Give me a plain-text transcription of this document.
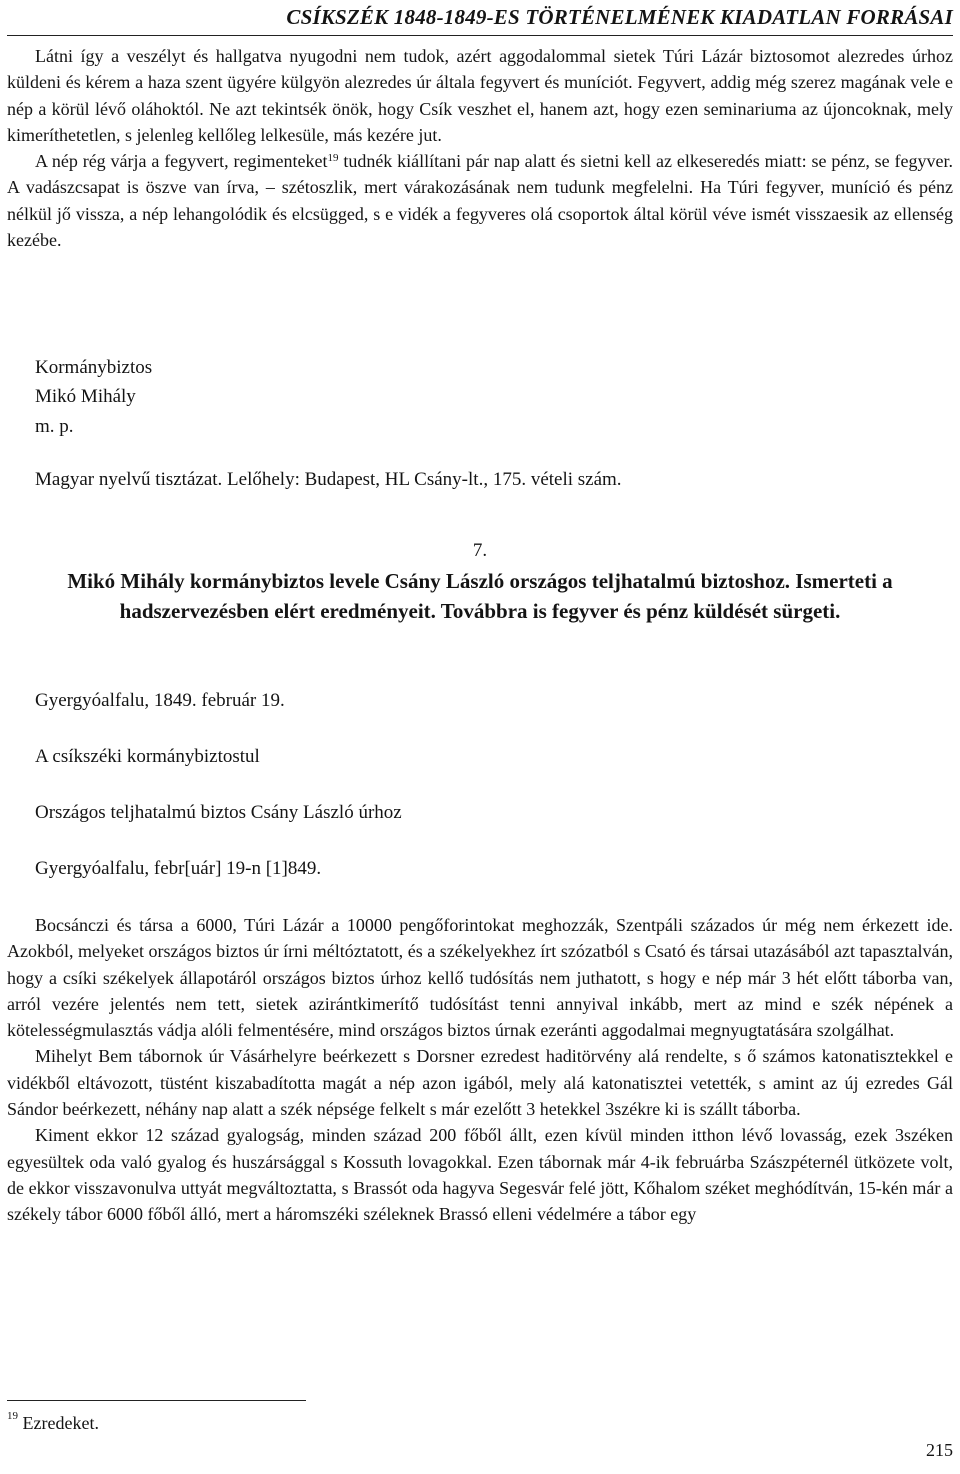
CSÍKSZÉK 1848-1849-ES TÖRTÉNELMÉNEK KIADATLAN FORRÁSAI

Látni így a veszélyt és hallgatva nyugodni nem tudok, azért aggodalommal sietek Túri Lázár biztosomot alezredes úrhoz küldeni és kérem a haza szent ügyére külgyön alezredes úr általa fegyvert és muníciót. Fegyvert, addig még szerez magának vele e nép a körül lévő oláhoktól. Ne azt tekintsék önök, hogy Csík veszhet el, hanem azt, hogy ezen seminariuma az újoncoknak, mely kimeríthetetlen, s jelenleg kellőleg lelkesüle, más kezére jut.

A nép rég várja a fegyvert, regimenteket$^{19}$ tudnék kiállítani pár nap alatt és sietni kell az elkeseredés miatt: se pénz, se fegyver. A vadászcsapat is öszve van írva, – szétoszlik, mert várakozásának nem tudunk megfelelni. Ha Túri fegyver, muníció és pénz nélkül jő vissza, a nép lehangolódik és elcsügged, s e vidék a fegyveres olá csoportok által körül véve ismét visszaesik az ellenség kezébe.

Kormánybiztos
Mikó Mihály
m. p.
Magyar nyelvű tisztázat. Lelőhely: Budapest, HL Csány-lt., 175. vételi szám.
7.
Mikó Mihály kormánybiztos levele Csány László országos teljhatalmú biztoshoz. Ismerteti a hadszervezésben elért eredményeit. Továbbra is fegyver és pénz küldését sürgeti.
Gyergyóalfalu, 1849. február 19.
A csíkszéki kormánybiztostul
Országos teljhatalmú biztos Csány László úrhoz
Gyergyóalfalu, febr[uár] 19-n [1]849.

Bocsánczi és társa a 6000, Túri Lázár a 10000 pengőforintokat meghozzák, Szentpáli százados úr még nem érkezett ide. Azokból, melyeket országos biztos úr írni méltóztatott, és a székelyekhez írt szózatból s Csató és társai utazásából azt tapasztalván, hogy a csíki székelyek állapotáról országos biztos úrhoz kellő tudósítás nem juthatott, s hogy e nép már 3 hét előtt táborba van, arról vezére jelentés nem tett, sietek azirántkimerítő tudósítást tenni annyival inkább, mert az mind e szék népének a kötelességmulasztás vádja alóli felmentésére, mind országos biztos úrnak ezeránti aggodalmai megnyugtatására szolgálhat.

Mihelyt Bem tábornok úr Vásárhelyre beérkezett s Dorsner ezredest haditörvény alá rendelte, s ő számos katonatisztekkel e vidékből eltávozott, tüstént kiszabadította magát a nép azon igából, mely alá katonatisztei vetették, s amint az új ezredes Gál Sándor beérkezett, néhány nap alatt a szék népsége felkelt s már ezelőtt 3 hetekkel 3székre ki is szállt táborba.

Kiment ekkor 12 század gyalogság, minden század 200 főből állt, ezen kívül minden itthon lévő lovasság, ezek 3széken egyesültek oda való gyalog és huszársággal s Kossuth lovagokkal. Ezen tábornak már 4-ik februárba Szászpéternél ütközete volt, de ekkor visszavonulva uttyát megváltoztatta, s Brassót oda hagyva Segesvár felé jött, Kőhalom széket meghódítván, 15-kén már a székely tábor 6000 főből álló, mert a háromszéki széleknek Brassó elleni védelmére a tábor egy

$^{19}$ Ezredeket.
215
